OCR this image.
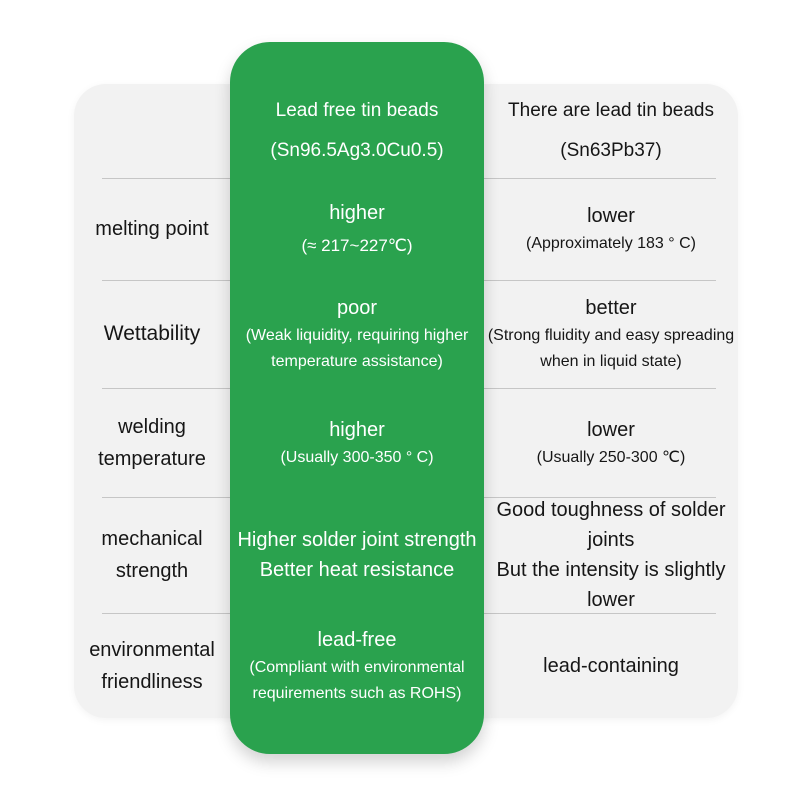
Lead free tin beads
(Sn96.5Ag3.0Cu0.5)
There are lead tin beads
(Sn63Pb37)
melting point
higher
(≈ 217~227℃)
lower
(Approximately 183 ° C)
Wettability
poor
(Weak liquidity, requiring higher temperature assistance)
better
(Strong fluidity and easy spreading when in liquid state)
welding temperature
higher
(Usually 300-350 ° C)
lower
(Usually 250-300 ℃)
mechanical strength
Higher solder joint strength
Better heat resistance
Good toughness of solder joints
But the intensity is slightly lower
environmental friendliness
lead-free
(Compliant with environmental requirements such as ROHS)
lead-containing
